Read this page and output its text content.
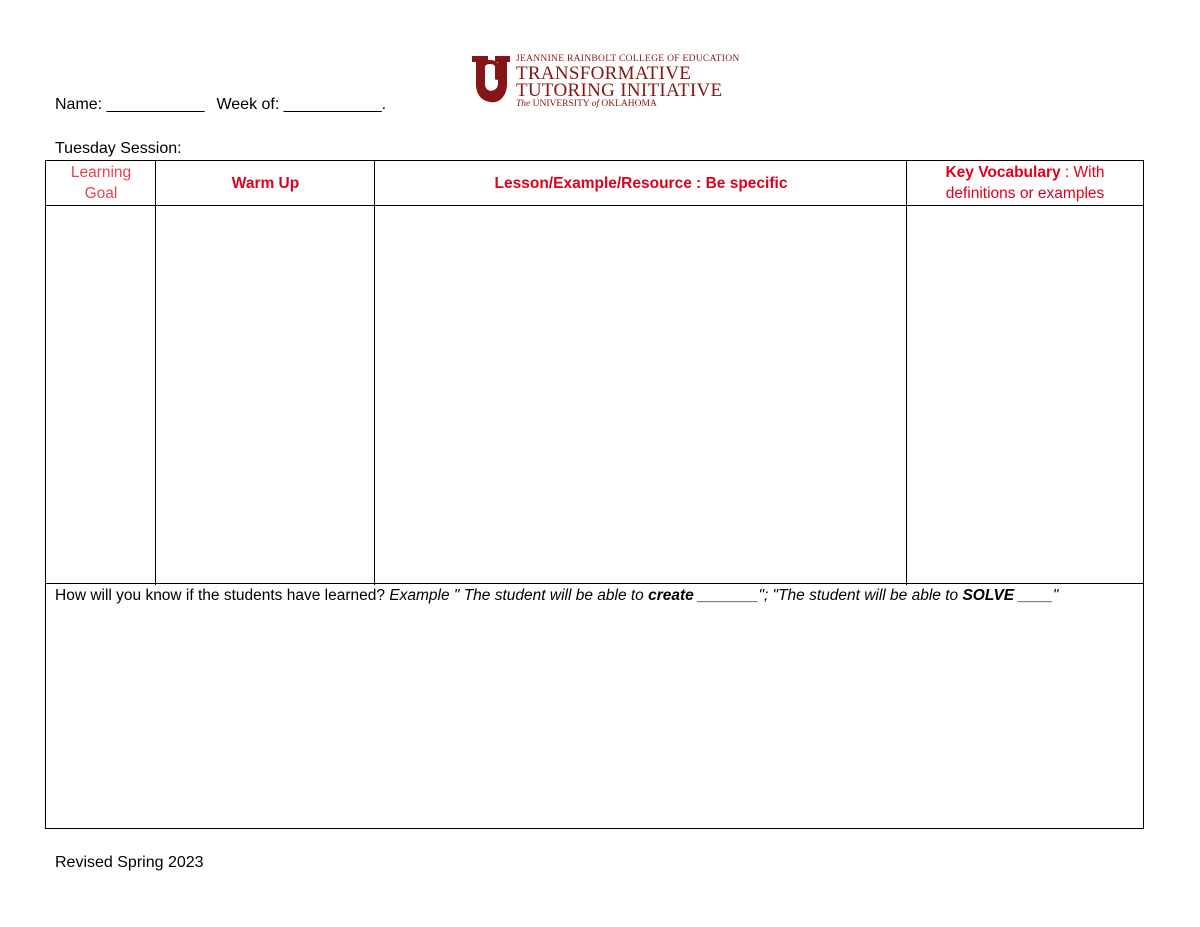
JEANNINE RAINBOLT COLLEGE OF EDUCATION
TRANSFORMATIVE
TUTORING INITIATIVE
The UNIVERSITY of OKLAHOMA
Name: ___________ Week of: ___________.
Tuesday Session:
Learning Goal
Warm Up	Lesson/Example/Resource : Be specific
Key Vocabulary : With definitions or examples
How will you know if the students have learned? Example " The student will be able to create _______"; "The student will be able to SOLVE ____"
Revised Spring 2023
